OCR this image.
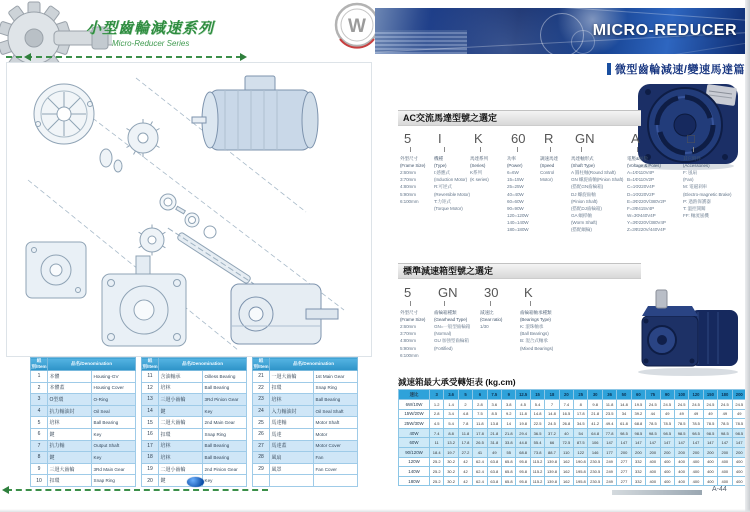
小型齒輪減速系列
Micro-Reducer Series
W
組別/Item	品名/Denomination	
1	本體	Housing-GV
2	本體蓋	Housing Cover
3	O型環	O-Ring
4	抗力軸油封	Oil Seal
5	培林	Ball Bearing
6	鍵	Key
7	抗力軸	Output Shaft
8	鍵	Key
9	三迴大齒輪	3Rd Main Gear
10	扣環	Snap Ring
組別/Item	品名/Denomination	
11	含油軸承	Oilless Bearing
12	培林	Ball Bearing
13	三迴小齒輪	3Rd Pinion Gear
14	鍵	Key
15	二迴大齒輪	2nd Main Gear
16	扣環	Snap Ring
17	培林	Ball Bearing
18	培林	Ball Bearing
19	二迴小齒輪	2nd Pinion Gear
20	鍵	Key
組別/Item	品名/Denomination	
21	一迴大齒輪	1st Main Gear
22	扣環	Snap Ring
23	培林	Ball Bearing
24	入力軸油封	Oil Seal Shaft
25	馬達軸	Motor Shaft
26	馬達	Motor
27	馬達蓋	Motor Cover
28	風扇	Fan
29	風罩	Fan Cover

MICRO-REDUCER
微型齒輪減速/變速馬達篇
AC交流馬達型號之選定
5
外型尺寸
(Frame Size)
2:60mm
3:70mm
4:80mm
5:90mm
6:100mm
I
機種
(Type)
I:感應式
(Induction Motor)
R:可逆式
(Reversible Motor)
T:力矩式
(Torque Motor)
K
馬達系列
(Series)
K系列
(K series)
60
功率
(Power)
6=6W
15=15W
25=25W
40=40W
60=60W
90=90W
120=120W
140=140W
180=180W
R
調速馬達
(Speed
Control
Motor)
GN
馬達軸形式
(Shaft Type)
A 圓柱軸(Round Shaft)
GN 螺旋齒軸(Pinion Shaft)
(搭配GN齒輪箱)
DJ 螺旋齒軸
(Pinion Shaft)
(搭配DJ齒輪箱)
GA 蝸桿軸
(Worm Shaft)
(搭配蝸輪)
A
電壓&極數
(Voltage & Poles)
A=1Φ110V4P
B=1Φ110V2P
C=1Φ220V4P
D=1Φ220V2P
E=3Φ220V/380V2P
F=3Φ415V4P
W=3Φ440V4P
Y=3Φ220V/380V4P
Z=3Φ220V/440V4P
□
其它附件
(Accessories)
F: 風扇
(Fan)
M: 電磁剎車
(Electro-magnetic Brake)
P: 過熱保護器
T: 溫控開關
FF: 軸流風機
標準減速箱型號之選定
5
外型尺寸
(Frame Size)
2:60mm
3:70mm
4:80mm
5:90mm
6:100mm
GN
齒輪箱種類
(Gearhead Type)
GN=一般型齒輪箱
(Normal)
GU 加強型齒輪箱
(Fortified)
30
減速比
(Gear ratio)
1/30
K
齒輪箱軸承種類
(Bearings Type)
K: 滾珠軸承
(Ball Bearings)
B: 混合式軸承
(Mixed Bearings)
減速箱最大承受轉矩表 (kg.cm)
速比	3	3.6	5	6	7.5	9	12.5	15	18	20	25	30	36	50	60	75	90	100	120	150	180	200
6W/10W	1.2	1.4	2	2.8	3.6	3.8	4.5	5.4	7	7.4	8	9.8	11.8	14.8	19.5	24.5	24.5	24.5	24.5	24.5	24.5	24.5
15W/20W	2.8	3.4	4.8	7.5	8.5	9.2	11.8	14.8	14.8	16.5	17.8	21.8	23.5	34	39.2	44	49	49	49	49	49	49
25W/30W	4.5	5.4	7.8	11.8	13.8	14	19.8	22.5	24.5	26.8	34.5	41.2	49.4	61.8	68.8	78.5	78.5	78.5	78.5	78.5	78.5	78.5
40W	7.4	8.8	11.8	17.8	21.8	21.8	29.4	36.5	37.2	40	54	64.8	77.8	98.5	98.5	98.5	98.5	98.5	98.5	98.5	98.5	98.5
60W	11	13.2	17.8	26.5	31.8	33.8	44.8	55.4	66	72.5	87.5	106	147	147	147	147	147	147	147	147	147	147
90/120W	18.4	19.7	27.2	41	49	55	68.8	73.8	88.7	110	122	146	177	200	200	200	200	200	200	200	200	200
120W	25.2	30.2	42	62.4	63.8	65.8	95.8	115.2	139.8	162	190.8	230.5	249	277	332	400	400	400	400	400	400	400
140W	25.2	30.2	42	62.4	63.8	65.8	95.8	115.2	139.8	162	195.8	230.5	249	277	332	400	400	400	400	400	400	400
180W	25.2	30.2	42	62.4	63.8	65.8	95.8	115.2	139.8	162	195.8	230.5	249	277	332	400	400	400	400	400	400	400
A-44
